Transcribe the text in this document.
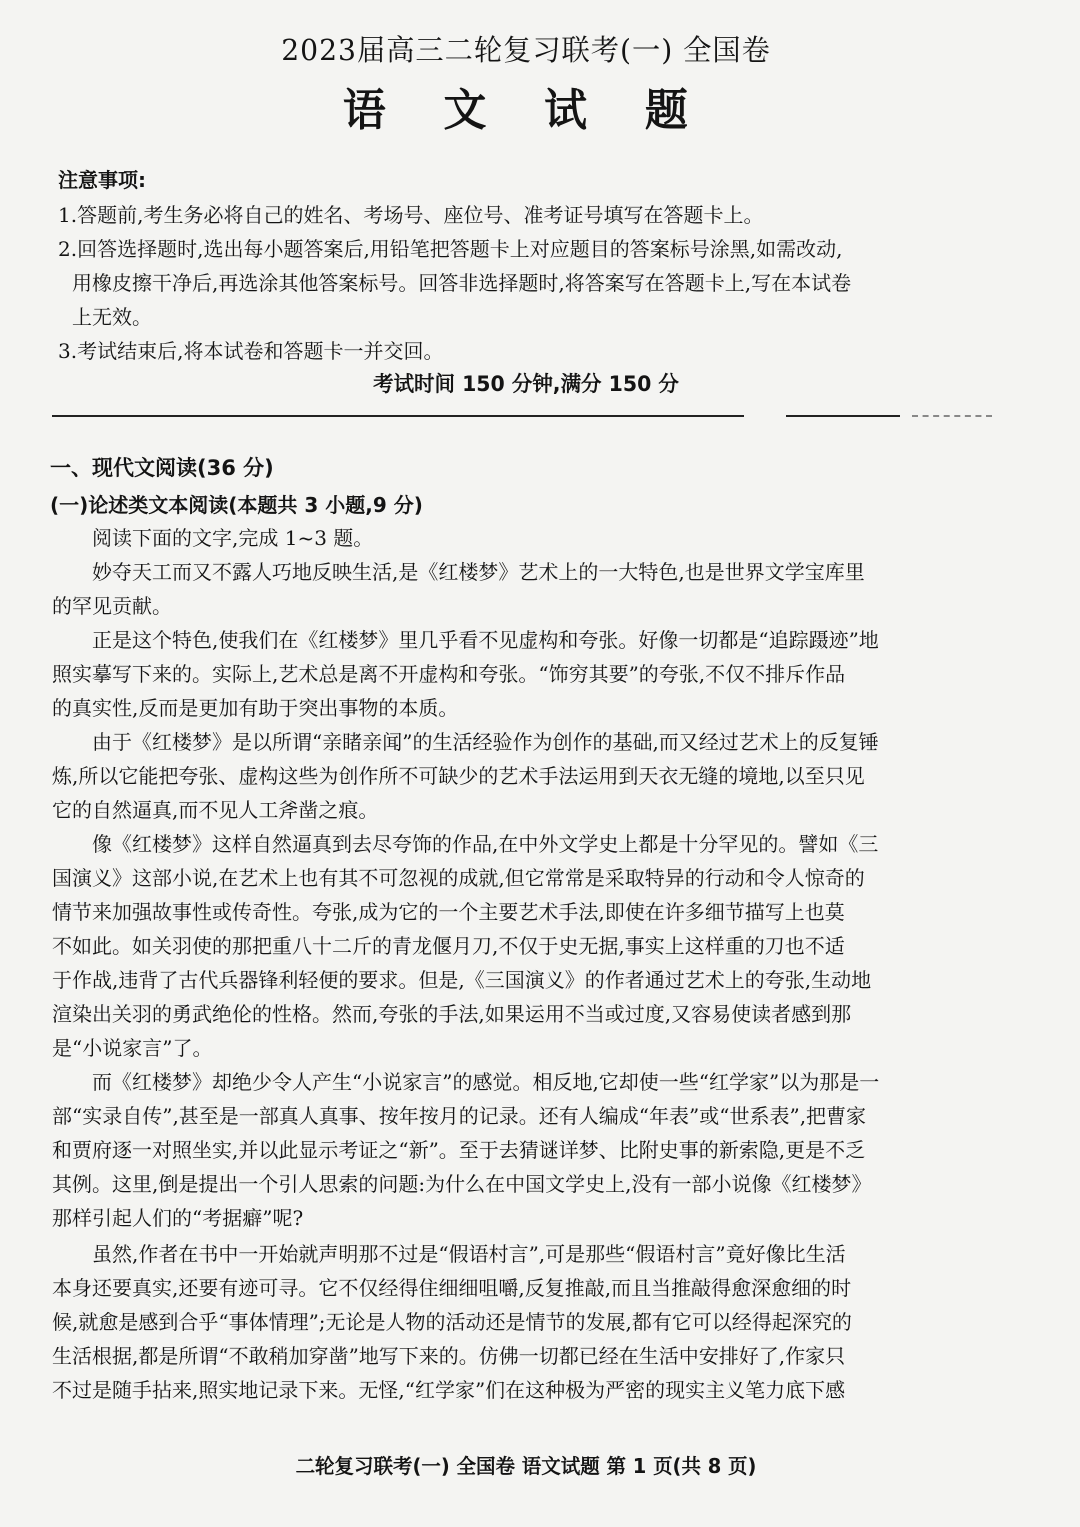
2023届高三二轮复习联考(一) 全国卷
语 文 试 题
注意事项:
1.答题前,考生务必将自己的姓名、考场号、座位号、准考证号填写在答题卡上。
2.回答选择题时,选出每小题答案后,用铅笔把答题卡上对应题目的答案标号涂黑,如需改动,
用橡皮擦干净后,再选涂其他答案标号。回答非选择题时,将答案写在答题卡上,写在本试卷
上无效。
3.考试结束后,将本试卷和答题卡一并交回。
考试时间 150 分钟,满分 150 分
一、现代文阅读(36 分)
(一)论述类文本阅读(本题共 3 小题,9 分)
阅读下面的文字,完成 1~3 题。
妙夺天工而又不露人巧地反映生活,是《红楼梦》艺术上的一大特色,也是世界文学宝库里
的罕见贡献。
正是这个特色,使我们在《红楼梦》里几乎看不见虚构和夸张。好像一切都是“追踪蹑迹”地
照实摹写下来的。实际上,艺术总是离不开虚构和夸张。“饰穷其要”的夸张,不仅不排斥作品
的真实性,反而是更加有助于突出事物的本质。
由于《红楼梦》是以所谓“亲睹亲闻”的生活经验作为创作的基础,而又经过艺术上的反复锤
炼,所以它能把夸张、虚构这些为创作所不可缺少的艺术手法运用到天衣无缝的境地,以至只见
它的自然逼真,而不见人工斧凿之痕。
像《红楼梦》这样自然逼真到去尽夸饰的作品,在中外文学史上都是十分罕见的。譬如《三
国演义》这部小说,在艺术上也有其不可忽视的成就,但它常常是采取特异的行动和令人惊奇的
情节来加强故事性或传奇性。夸张,成为它的一个主要艺术手法,即使在许多细节描写上也莫
不如此。如关羽使的那把重八十二斤的青龙偃月刀,不仅于史无据,事实上这样重的刀也不适
于作战,违背了古代兵器锋利轻便的要求。但是,《三国演义》的作者通过艺术上的夸张,生动地
渲染出关羽的勇武绝伦的性格。然而,夸张的手法,如果运用不当或过度,又容易使读者感到那
是“小说家言”了。
而《红楼梦》却绝少令人产生“小说家言”的感觉。相反地,它却使一些“红学家”以为那是一
部“实录自传”,甚至是一部真人真事、按年按月的记录。还有人编成“年表”或“世系表”,把曹家
和贾府逐一对照坐实,并以此显示考证之“新”。至于去猜谜详梦、比附史事的新索隐,更是不乏
其例。这里,倒是提出一个引人思索的问题:为什么在中国文学史上,没有一部小说像《红楼梦》
那样引起人们的“考据癖”呢?
虽然,作者在书中一开始就声明那不过是“假语村言”,可是那些“假语村言”竟好像比生活
本身还要真实,还要有迹可寻。它不仅经得住细细咀嚼,反复推敲,而且当推敲得愈深愈细的时
候,就愈是感到合乎“事体情理”;无论是人物的活动还是情节的发展,都有它可以经得起深究的
生活根据,都是所谓“不敢稍加穿凿”地写下来的。仿佛一切都已经在生活中安排好了,作家只
不过是随手拈来,照实地记录下来。无怪,“红学家”们在这种极为严密的现实主义笔力底下感
二轮复习联考(一) 全国卷 语文试题 第 1 页(共 8 页)
